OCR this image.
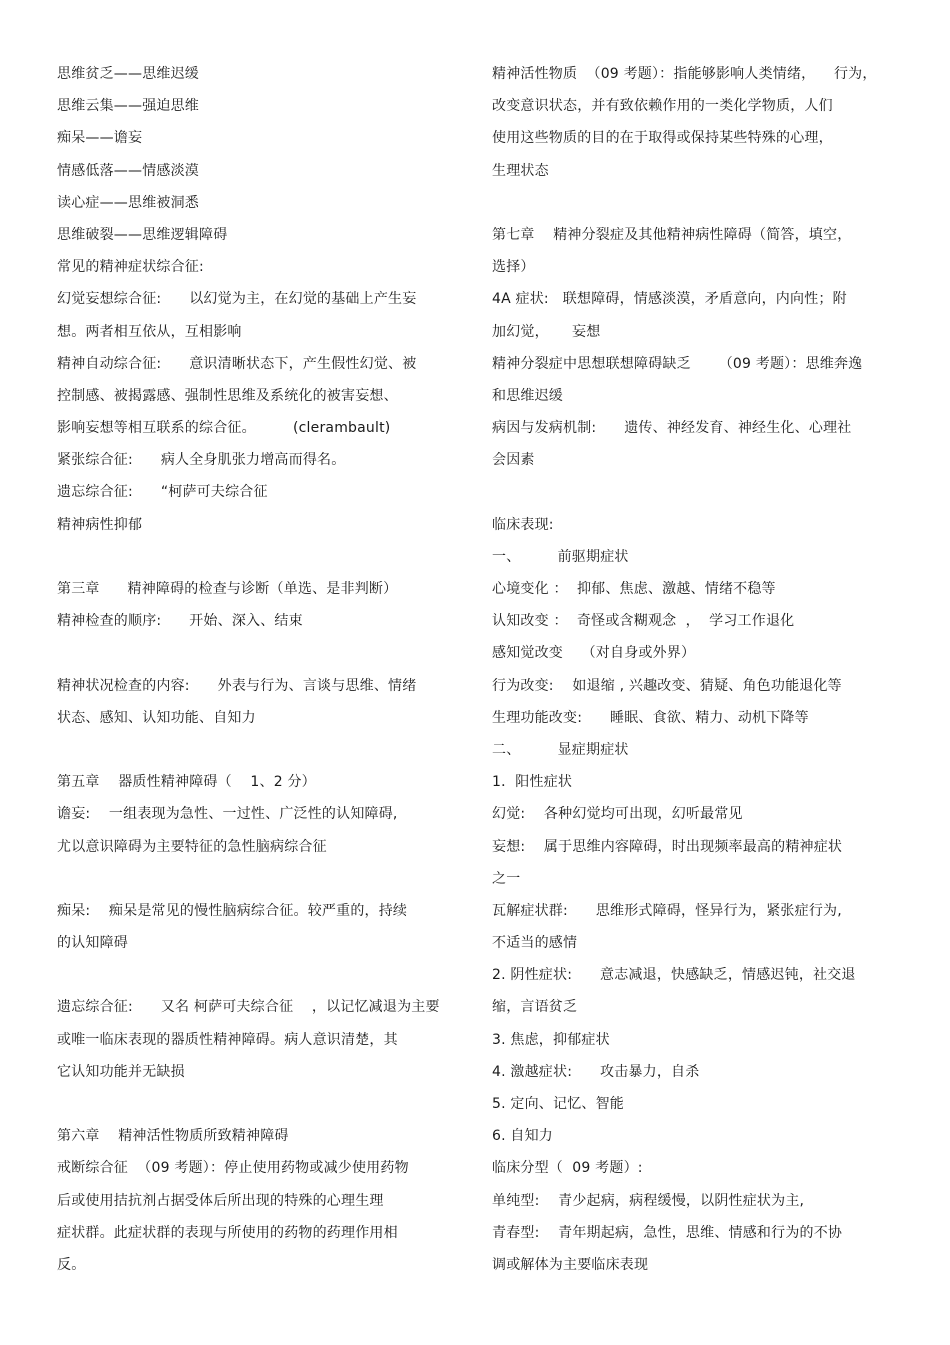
思维贫乏——思维迟缓
思维云集——强迫思维
痴呆——谵妄
情感低落——情感淡漠
读心症——思维被洞悉
思维破裂——思维逻辑障碍
常见的精神症状综合征:
幻觉妄想综合征:      以幻觉为主，在幻觉的基础上产生妄
想。两者相互依从，互相影响
精神自动综合征:      意识清晰状态下，产生假性幻觉、被
控制感、被揭露感、强制性思维及系统化的被害妄想、
影响妄想等相互联系的综合征。        (clerambault)
紧张综合征:      病人全身肌张力增高而得名。
遗忘综合征:      “柯萨可夫综合征
精神病性抑郁
第三章      精神障碍的检查与诊断（单选、是非判断）
精神检查的顺序:      开始、深入、结束
精神状况检查的内容:      外表与行为、言谈与思维、情绪
状态、感知、认知功能、自知力
第五章    器质性精神障碍（    1、2 分）
谵妄:    一组表现为急性、一过性、广泛性的认知障碍,
尤以意识障碍为主要特征的急性脑病综合征
痴呆:    痴呆是常见的慢性脑病综合征。较严重的，持续
的认知障碍
遗忘综合征:      又名 柯萨可夫综合征    ，以记忆减退为主要
或唯一临床表现的器质性精神障碍。病人意识清楚，其
它认知功能并无缺损
第六章    精神活性物质所致精神障碍
戒断综合征  （09 考题）：停止使用药物或减少使用药物
后或使用拮抗剂占据受体后所出现的特殊的心理生理
症状群。此症状群的表现与所使用的药物的药理作用相
反。
精神活性物质  （09 考题）：指能够影响人类情绪，    行为，
改变意识状态，并有致依赖作用的一类化学物质，人们
使用这些物质的目的在于取得或保持某些特殊的心理，
生理状态
第七章    精神分裂症及其他精神病性障碍（简答，填空，
选择）
4A 症状:   联想障碍，情感淡漠，矛盾意向，内向性；附
加幻觉，     妄想
精神分裂症中思想联想障碍缺乏      （09 考题）：思维奔逸
和思维迟缓
病因与发病机制:      遗传、神经发育、神经生化、心理社
会因素
临床表现:
一、        前驱期症状
心境变化 ：  抑郁、焦虑、激越、情绪不稳等
认知改变 ：  奇怪或含糊观念  ，  学习工作退化
感知觉改变    （对自身或外界）
行为改变:    如退缩 , 兴趣改变、猜疑、角色功能退化等
生理功能改变:      睡眠、食欲、精力、动机下降等
二、        显症期症状
1．阳性症状
幻觉:    各种幻觉均可出现，幻听最常见
妄想:    属于思维内容障碍，时出现频率最高的精神症状
之一
瓦解症状群:      思维形式障碍，怪异行为，紧张症行为,
不适当的感情
2. 阴性症状:      意志减退，快感缺乏，情感迟钝，社交退
缩，言语贫乏
3. 焦虑，抑郁症状
4. 激越症状:      攻击暴力，自杀
5. 定向、记忆、智能
6. 自知力
临床分型（  09 考题）:
单纯型:    青少起病，病程缓慢，以阴性症状为主,
青春型:    青年期起病，急性，思维、情感和行为的不协
调或解体为主要临床表现
